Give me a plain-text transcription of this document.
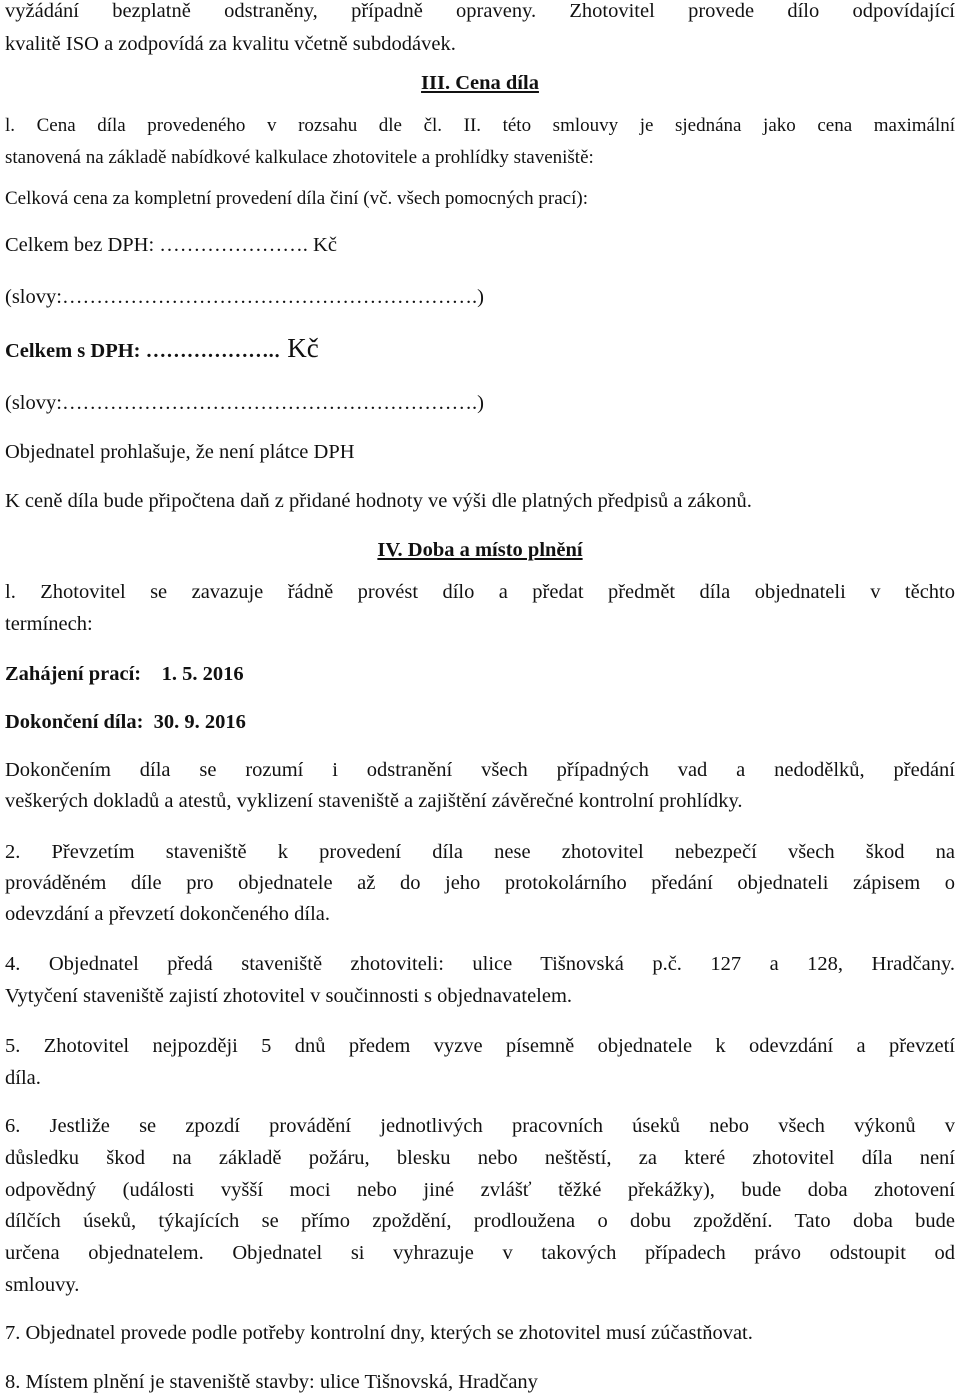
vyžádání bezplatně odstraněny, případně opraveny. Zhotovitel provede dílo odpovídající

kvalitě ISO a zodpovídá za kvalitu včetně subdodávek.

III. Cena díla

l. Cena díla provedeného v rozsahu dle čl. II. této smlouvy je sjednána jako cena maximální

stanovená na základě nabídkové kalkulace zhotovitele a prohlídky staveniště:

Celková cena za kompletní provedení díla činí (vč. všech pomocných prací):

Celkem bez DPH: …………………. Kč

(slovy:…………………………………………………….)

Celkem s DPH: ……………….. Kč

(slovy:…………………………………………………….)

Objednatel prohlašuje, že není plátce DPH

K ceně díla bude připočtena daň z přidané hodnoty ve výši dle platných předpisů a zákonů.

IV. Doba a místo plnění

l. Zhotovitel se zavazuje řádně provést dílo a předat předmět díla objednateli v těchto

termínech:

Zahájení prací:    1. 5. 2016

Dokončení díla:  30. 9. 2016

Dokončením díla se rozumí i odstranění všech případných vad a nedodělků, předání

veškerých dokladů a atestů, vyklizení staveniště a zajištění závěrečné kontrolní prohlídky.

2. Převzetím staveniště k provedení díla nese zhotovitel nebezpečí všech škod na

prováděném díle pro objednatele až do jeho protokolárního předání objednateli zápisem o

odevzdání a převzetí dokončeného díla.

4. Objednatel předá staveniště zhotoviteli: ulice Tišnovská p.č. 127 a 128, Hradčany.

Vytyčení staveniště zajistí zhotovitel v součinnosti s objednavatelem.

5. Zhotovitel nejpozději 5 dnů předem vyzve písemně objednatele k odevzdání a převzetí

díla.

6. Jestliže se zpozdí provádění jednotlivých pracovních úseků nebo všech výkonů v

důsledku škod na základě požáru, blesku nebo neštěstí, za které zhotovitel díla není

odpovědný (události vyšší moci nebo jiné zvlášť těžké překážky), bude doba zhotovení

dílčích úseků, týkajících se přímo zpoždění, prodloužena o dobu zpoždění. Tato doba bude

určena objednatelem. Objednatel si vyhrazuje v takových případech právo odstoupit od

smlouvy.

7. Objednatel provede podle potřeby kontrolní dny, kterých se zhotovitel musí zúčastňovat.

8. Místem plnění je staveniště stavby: ulice Tišnovská, Hradčany
